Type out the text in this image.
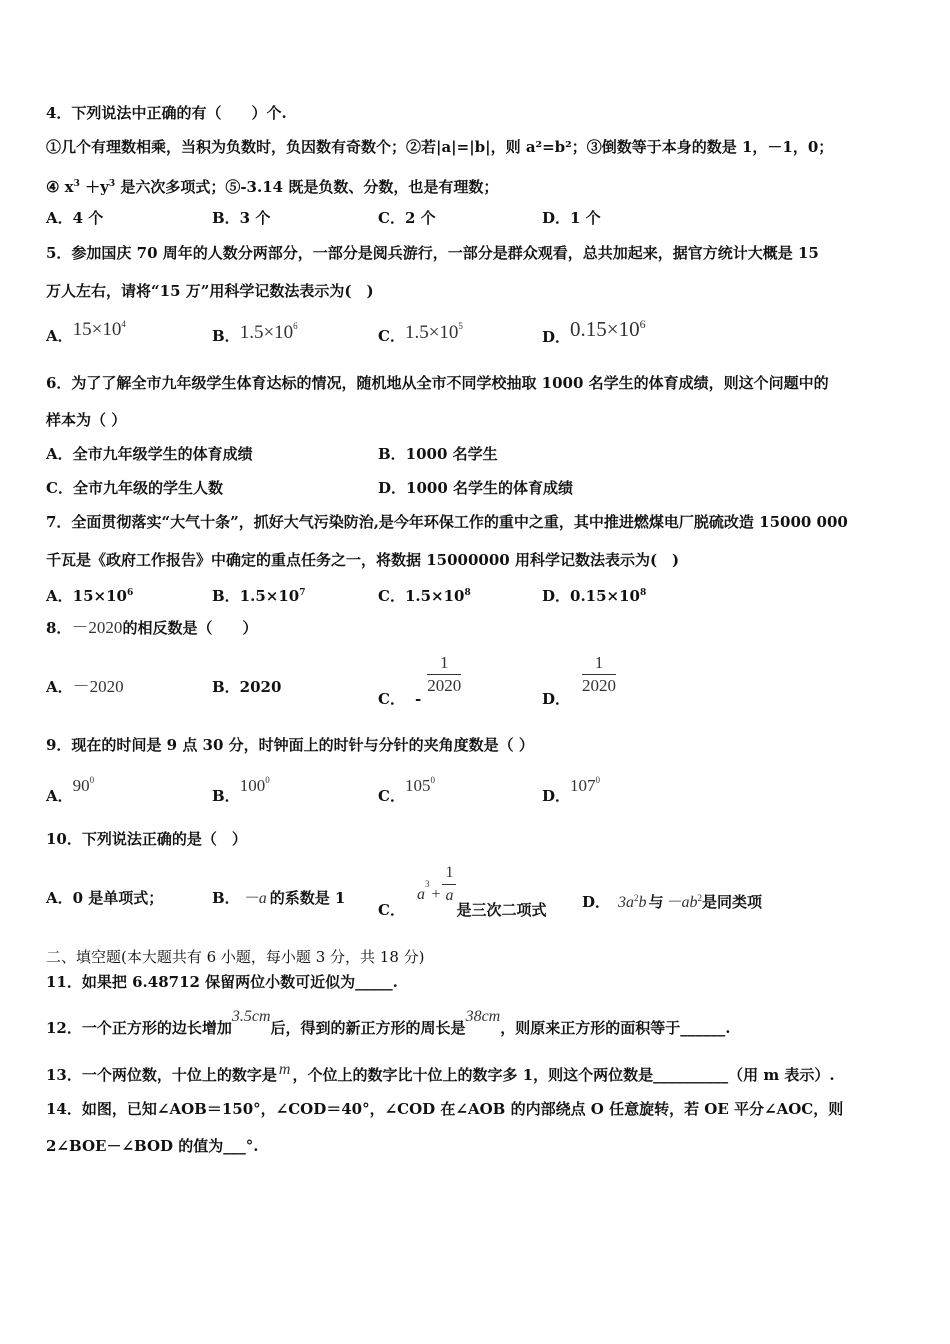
4．下列说法中正确的有（　　）个.
①几个有理数相乘，当积为负数时，负因数有奇数个；②若|a|=|b|，则 a²=b²；③倒数等于本身的数是 1，－1，0；
④ $x^3 +y^3$ 是六次多项式；⑤-3.14 既是负数、分数，也是有理数；
A．4 个	B．3 个	C．2 个	D．1 个
5．参加国庆 70 周年的人数分两部分，一部分是阅兵游行，一部分是群众观看，总共加起来，据官方统计大概是 15
万人左右，请将“15 万”用科学记数法表示为(　)
A．$15\times 10^4$
B．$1.5\times 10^6$
C．$1.5\times 10^5$
D．$0.15\times 10^6$
6．为了了解全市九年级学生体育达标的情况，随机地从全市不同学校抽取 1000 名学生的体育成绩，则这个问题中的
样本为（ ）
A．全市九年级学生的体育成绩	B．1000 名学生
C．全市九年级的学生人数	D．1000 名学生的体育成绩
7．全面贯彻落实“大气十条”，抓好大气污染防治,是今年环保工作的重中之重，其中推进燃煤电厂脱硫改造 15000 000
千瓦是《政府工作报告》中确定的重点任务之一，将数据 15000000 用科学记数法表示为(　)
A．$15\times 10^6$	B．$1.5\times 10^7$	C．$1.5\times 10^8$	D．$0.15\times 10^8$
8．－2020的相反数是（　　）
A．－2020	B．2020
C． -
$\frac{1}{2020}$
D．
$\frac{1}{2020}$
9．现在的时间是 9 点 30 分，时钟面上的时针与分针的夹角度数是（ ）
A．$90^0$
B．$100^0$
C．$105^0$
D．$107^0$
10．下列说法正确的是（　）
A．0 是单项式；	B． －a 的系数是 1
C．$a^3+ \frac{1}{a}$
是三次二项式 D． $3a^2b$ 与 $-ab^2$是同类项
二、填空题(本大题共有 6 小题，每小题 3 分，共 18 分)
11．如果把 6.48712 保留两位小数可近似为_____.
12．一个正方形的边长增加3.5cm后，得到的新正方形的周长是38cm，则原来正方形的面积等于______.
13．一个两位数，十位上的数字是 m ，个位上的数字比十位上的数字多 1，则这个两位数是__________（用 m 表示）.
14．如图，已知∠AOB＝150°，∠COD＝40°，∠COD 在∠AOB 的内部绕点 O 任意旋转，若 OE 平分∠AOC，则
2∠BOE－∠BOD 的值为___°.
